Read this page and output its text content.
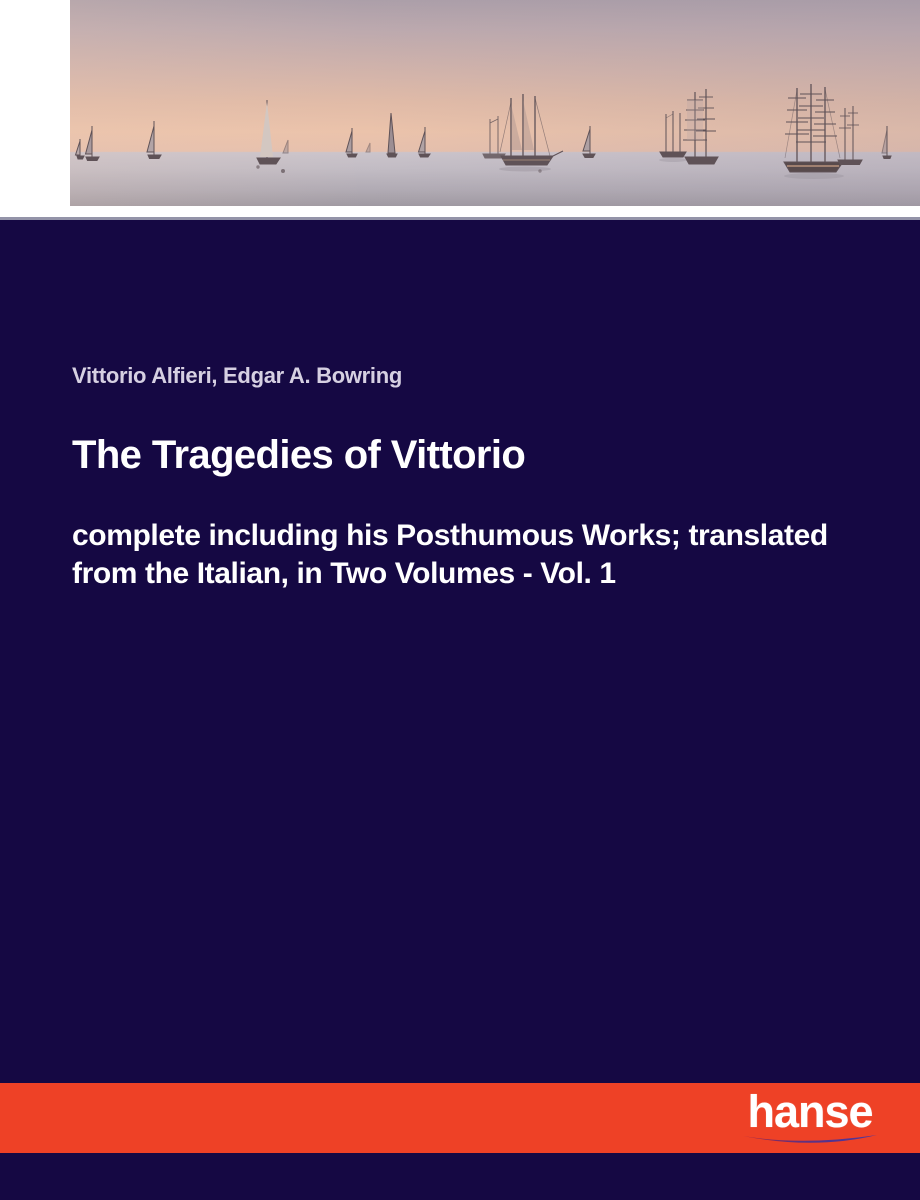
Vittorio Alfieri, Edgar A. Bowring
The Tragedies of Vittorio
complete including his Posthumous Works; translated
from the Italian, in Two Volumes - Vol. 1
hanse
